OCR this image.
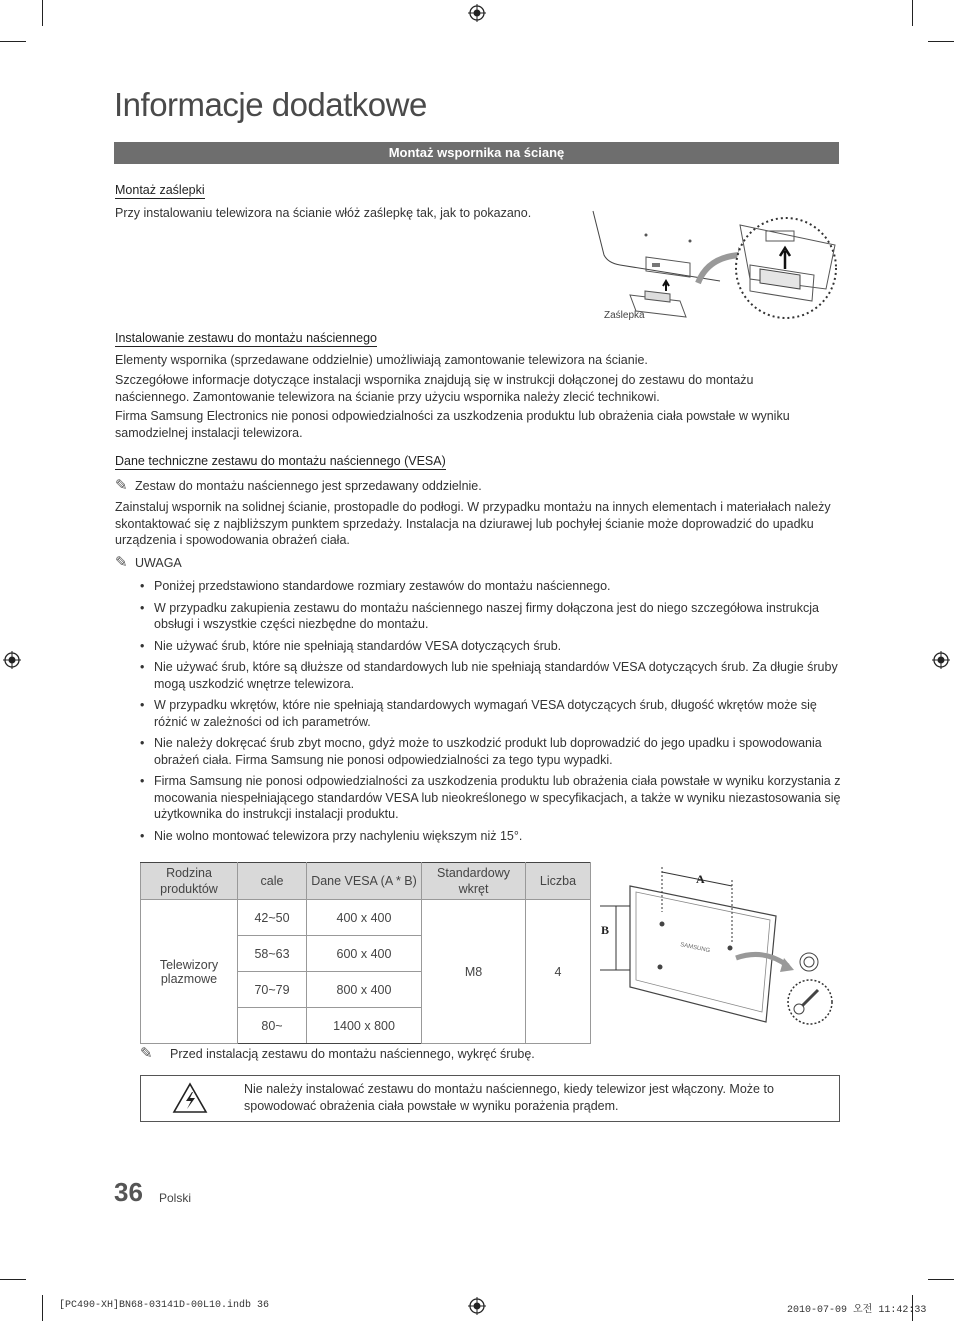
Informacje dodatkowe
Montaż wspornika na ścianę
Montaż zaślepki
Przy instalowaniu telewizora na ścianie włóż zaślepkę tak, jak to pokazano.
Zaślepka
Instalowanie zestawu do montażu naściennego
Elementy wspornika (sprzedawane oddzielnie) umożliwiają zamontowanie telewizora na ścianie.
Szczegółowe informacje dotyczące instalacji wspornika znajdują się w instrukcji dołączonej do zestawu do montażu naściennego. Zamontowanie telewizora na ścianie przy użyciu wspornika należy zlecić technikowi.
Firma Samsung Electronics nie ponosi odpowiedzialności za uszkodzenia produktu lub obrażenia ciała powstałe w wyniku samodzielnej instalacji telewizora.
Dane techniczne zestawu do montażu naściennego (VESA)
✎ Zestaw do montażu naściennego jest sprzedawany oddzielnie.
Zainstaluj wspornik na solidnej ścianie, prostopadle do podłogi. W przypadku montażu na innych elementach i materiałach należy skontaktować się z najbliższym punktem sprzedaży. Instalacja na dziurawej lub pochyłej ścianie może doprowadzić do upadku urządzenia i spowodowania obrażeń ciała.
✎ UWAGA
• Poniżej przedstawiono standardowe rozmiary zestawów do montażu naściennego.
• W przypadku zakupienia zestawu do montażu naściennego naszej firmy dołączona jest do niego szczegółowa instrukcja obsługi i wszystkie części niezbędne do montażu.
• Nie używać śrub, które nie spełniają standardów VESA dotyczących śrub.
• Nie używać śrub, które są dłuższe od standardowych lub nie spełniają standardów VESA dotyczących śrub. Za długie śruby mogą uszkodzić wnętrze telewizora.
• W przypadku wkrętów, które nie spełniają standardowych wymagań VESA dotyczących śrub, długość wkrętów może się różnić w zależności od ich parametrów.
• Nie należy dokręcać śrub zbyt mocno, gdyż może to uszkodzić produkt lub doprowadzić do jego upadku i spowodowania obrażeń ciała. Firma Samsung nie ponosi odpowiedzialności za tego typu wypadki.
• Firma Samsung nie ponosi odpowiedzialności za uszkodzenia produktu lub obrażenia ciała powstałe w wyniku korzystania z mocowania niespełniającego standardów VESA lub nieokreślonego w specyfikacjach, a także w wyniku niezastosowania się użytkownika do instrukcji instalacji produktu.
• Nie wolno montować telewizora przy nachyleniu większym niż 15°.
Rodzina produktów	cale	Dane VESA (A * B)	Standardowy wkręt	Liczba
Telewizory plazmowe	42~50	400 x 400	M8	4
	58~63	600 x 400		
	70~79	800 x 400		
	80~	1400 x 800		
A
B
SAMSUNG
✎ Przed instalacją zestawu do montażu naściennego, wykręć śrubę.
Nie należy instalować zestawu do montażu naściennego, kiedy telewizor jest włączony. Może to spowodować obrażenia ciała powstałe w wyniku porażenia prądem.
36 Polski
[PC490-XH]BN68-03141D-00L10.indb 36	2010-07-09 오전 11:42:33
